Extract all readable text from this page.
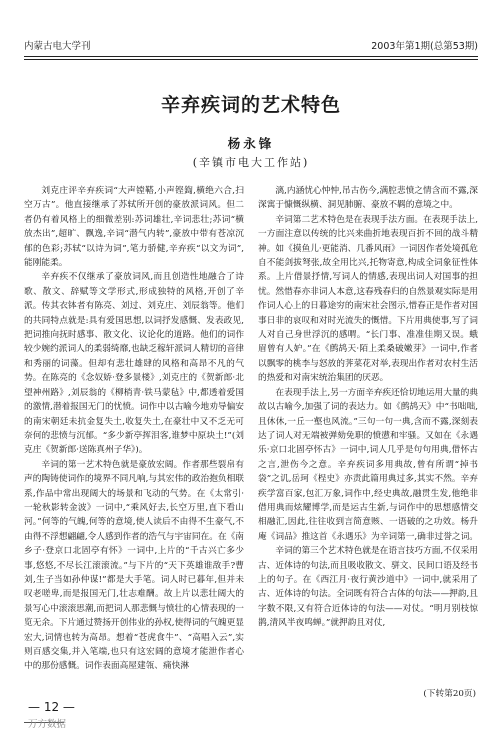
内蒙古电大学刊	2003年第1期(总第53期)
辛弃疾词的艺术特色
杨永锋
(辛镇市电大工作站)

刘克庄评辛弃疾词“大声镗鞳,小声铿鍧,横绝六合,扫空万古”。他直接继承了苏轼所开创的豪放派词风。但二者仍有着风格上的细微差别:苏词雄壮,辛词悲壮;苏词“横放杰出”,超旷、飘逸,辛词“潜气内转”,豪放中带有苍凉沉郁的色彩;苏轼“以诗为词”,笔力骄健,辛弃疾“以文为词”,能刚能柔。

辛弃疾不仅继承了豪放词风,而且创造性地融合了诗歌、散文、辞赋等文学形式,形成独特的风格,开创了辛派。传其衣钵者有陈亮、刘过、刘克庄、刘辰翁等。他们的共同特点就是:具有爱国思想,以词抒发感慨、发表政见,把词推向抚时感事、散文化、议论化的道路。他们的词作较少婉约派词人的柔弱绮靡,也缺乏稼轩派词人精切的音律和秀丽的词藻。但却有悲壮雄肆的风格和高昂不凡的气势。在陈亮的《念奴娇·登多景楼》,刘克庄的《贺新郎·北望神州路》,刘辰翁的《柳梢青·铁马蒙毡》中,都透着爱国的激情,潜着报国无门的忧愤。词作中以古喻今地劝导偏安的南宋朝廷未抗金复失土,收复失土,在豪壮中又不乏无可奈何的悲愤与沉郁。“多少新亭挥泪客,谁梦中原块土!”(刘克庄《贺新郎·送陈真州子华》)。

辛词的第一艺术特色就是豪放宏阔。作者那些裂帛有声的陶铸使词作的境界不同凡响,与其宏伟的政治抱负相联系,作品中常出现阔大的场景和飞动的气势。在《太常引·一轮秋影转金波》一词中,“乘风好去,长空万里,直下看山河。”何等的气魄,何等的意境,使人读后不由得不生豪气,不由得不浮想翩翩,令人感到作者的浩气与宇宙同在。在《南乡子·登京口北固亭有怀》一词中,上片的“千古兴亡多少事,悠悠,不尽长江滚滚流。”与下片的“天下英雄谁敌手?曹刘,生子当如孙仲谋!”都是大手笔。词人时已暮年,但并未叹老嗟卑,而是报国无门,壮志难酬。故上片以悲壮阔大的景写心中滚滚思潮,而把词人那悲慨与愤壮的心情表现的一览无余。下片通过赞扬开创伟业的孙权,使得词的气魄更显宏大,词情也转为高昂。想着“苍虎食牛”、“高唱入云”,实则百感交集,并入笔端,也只有这宏阔的意境才能泄作者心中的那份感慨。词作表面高屋建瓴、痛快淋

漓,内涵忧心忡忡,吊古伤今,满腔悲愤之情含而不露,深深寓于慷慨纵横、洞见肺腑、豪放不羁的意境之中。

辛词第二艺术特色是在表现手法方面。在表现手法上,一方面注意以传统的比兴来曲折地表现百折不回的战斗精神。如《摸鱼儿·更能消、几番风雨》一词因作者处境孤危自不能剑拔弩张,故全用比兴,托物寄意,构成全词象征性体系。上片借景抒情,写词人的情感,表现出词人对国事的担忧。然惜春亦非词人本意,这春残春归的自然景观实际是用作词人心上的日暮途穷的南宋社会图示,惜春正是作者对国事日非的哀叹和对时光流失的慨惜。下片用典使事,写了词人对自己身世浮沉的感喟。“长门事、准准佳期又误。蛾眉曾有人妒。”在《鹧鸪天·陌上柔桑破嫩芽》一词中,作者以飘零的桃李与怒放的荠菜花对举,表现出作者对农村生活的热爱和对南宋统治集团的厌恶。

在表现手法上,另一方面辛弃疾还恰切地运用大量的典故以古喻今,加强了词的表达力。如《鹧鸪天》中“书咄咄,且休休,一丘一壑也风流。”三句一句一典,含而不露,深刻表达了词人对无端被弹劾免职的愤懑和牢骚。又如在《永遇乐·京口北固亭怀古》一词中,词人几乎是句句用典,借怀古之言,泄伤今之意。辛弃疾词多用典故,曾有所谓“掉书袋”之讥,岳珂《桯史》亦责此篇用典过多,其实不然。辛弃疾学富百家,包汇万象,词作中,经史典故,融贯生发,他绝非借用典而炫耀博学,而是运古生新,与词作中的思想感情交相融汇,因此,往往收到言简意赅、一语破的之功效。杨升庵《词品》推这首《永遇乐》为辛词第一,确非过誉之词。

辛词的第三个艺术特色就是在语言技巧方面,不仅采用古、近体诗的句法,而且吸收散文、骈文、民间口语及经书上的句子。在《西江月·夜行黄沙道中》一词中,就采用了古、近体诗的句法。全词既有符合古体的句法——押韵,且字数不限,又有符合近体诗的句法——对仗。“明月别枝惊鹊,清风半夜鸣蝉。”就押韵且对仗,

(下转第20页)
— 12 —
万方数据
